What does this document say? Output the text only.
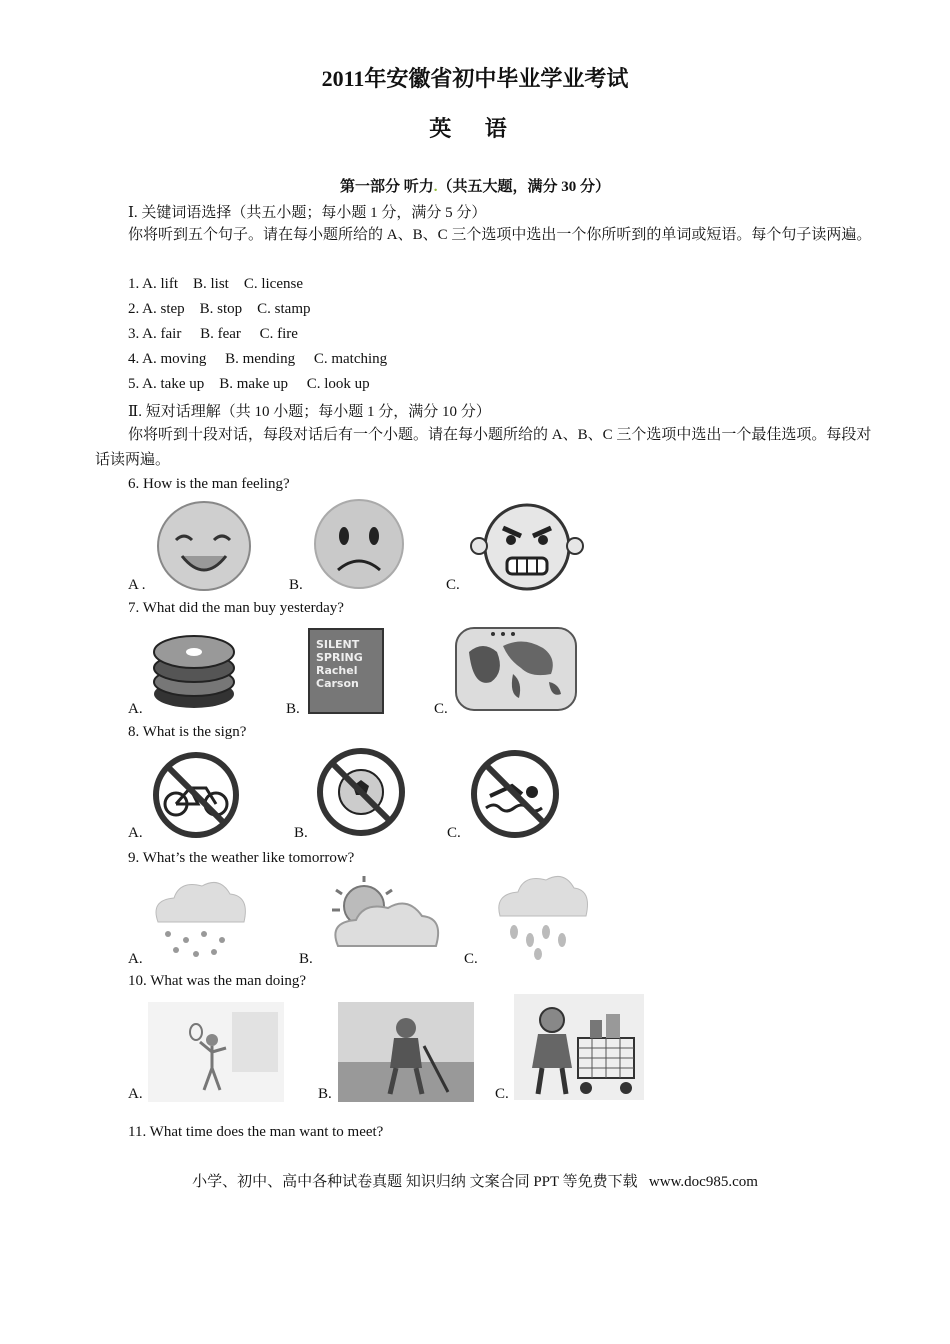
2011年安徽省初中毕业学业考试
英 语
第一部分 听力.（共五大题，满分 30 分）
Ⅰ. 关键词语选择（共五小题；每小题 1 分，满分 5 分）
你将听到五个句子。请在每小题所给的 A、B、C 三个选项中选出一个你所听到的单词或短语。每个句子读两遍。
1. A. lift    B. list    C. license
2. A. step    B. stop    C. stamp
3. A. fair     B. fear     C. fire
4. A. moving     B. mending     C. matching
5. A. take up    B. make up     C. look up
Ⅱ. 短对话理解（共 10 小题；每小题 1 分，满分 10 分）
你将听到十段对话，每段对话后有一个小题。请在每小题所给的 A、B、C 三个选项中选出一个最佳选项。每段对话读两遍。
6. How is the man feeling?
A .	B.	C.
7. What did the man buy yesterday?
SILENT
SPRING
Rachel
Carson
A.	B.	C.
8. What is the sign?
A.	B.	C.
9. What’s the weather like tomorrow?
A.	B.	C.
10. What was the man doing?
A.	B.	C.
11. What time does the man want to meet?
小学、初中、高中各种试卷真题 知识归纳 文案合同 PPT 等免费下载   www.doc985.com
